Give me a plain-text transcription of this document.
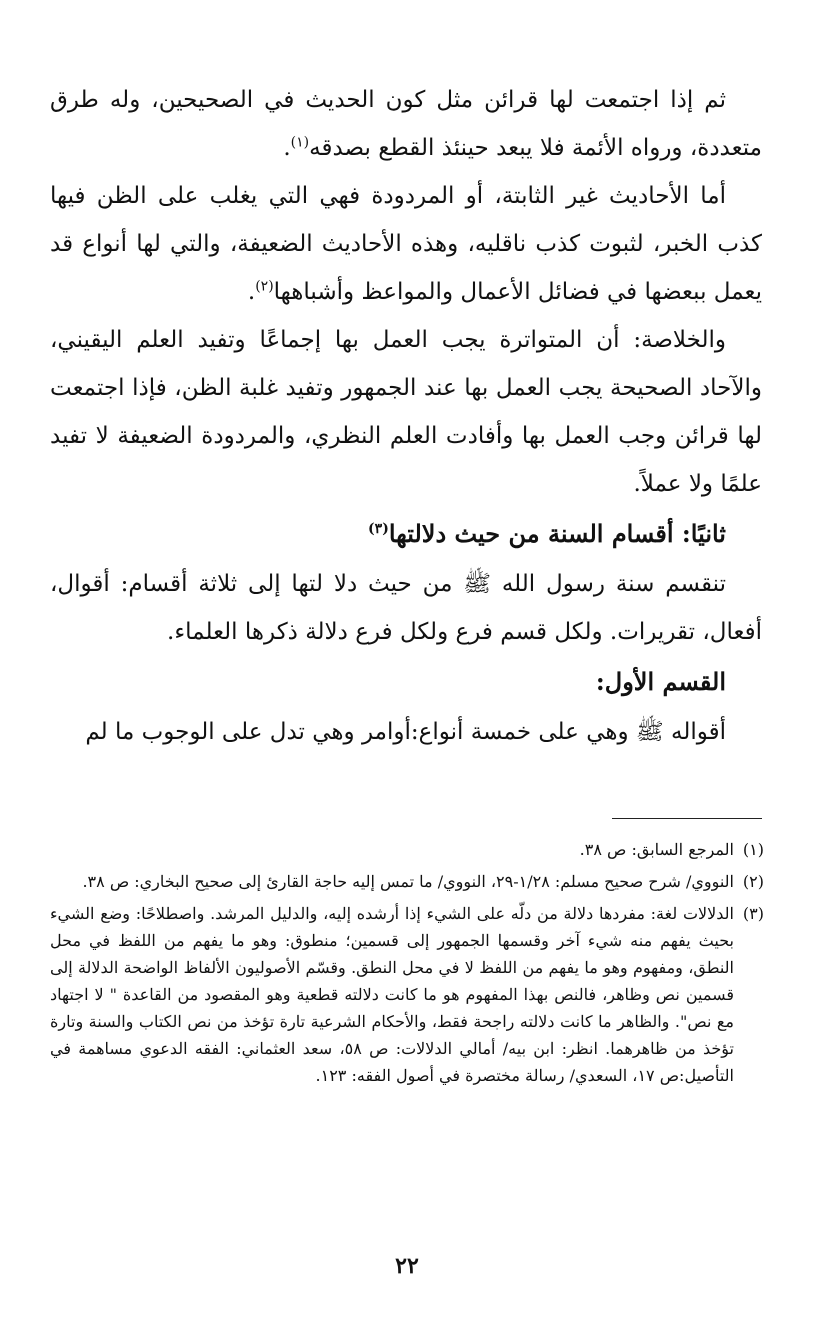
ثم إذا اجتمعت لها قرائن مثل كون الحديث في الصحيحين، وله طرق متعددة، ورواه الأئمة فلا يبعد حينئذ القطع بصدقه$^{(١)}$.

أما الأحاديث غير الثابتة، أو المردودة فهي التي يغلب على الظن فيها كذب الخبر، لثبوت كذب ناقليه، وهذه الأحاديث الضعيفة، والتي لها أنواع قد يعمل ببعضها في فضائل الأعمال والمواعظ وأشباهها$^{(٢)}$.

والخلاصة: أن المتواترة يجب العمل بها إجماعًا وتفيد العلم اليقيني، والآحاد الصحيحة يجب العمل بها عند الجمهور وتفيد غلبة الظن، فإذا اجتمعت لها قرائن وجب العمل بها وأفادت العلم النظري، والمردودة الضعيفة لا تفيد علمًا ولا عملاً.

ثانيًا: أقسام السنة من حيث دلالتها$^{(٣)}$

تنقسم سنة رسول الله ﷺ من حيث دلا لتها إلى ثلاثة أقسام: أقوال، أفعال، تقريرات. ولكل قسم فرع ولكل فرع دلالة ذكرها العلماء.

القسم الأول:

أقواله ﷺ وهي على خمسة أنواع:أوامر وهي تدل على الوجوب ما لم

(١)
المرجع السابق: ص ٣٨.
(٢)
النووي/ شرح صحيح مسلم: ١/٢٨-٢٩، النووي/ ما تمس إليه حاجة القارئ إلى صحيح البخاري: ص ٣٨.
(٣)
الدلالات لغة: مفردها دلالة من دلّه على الشيء إذا أرشده إليه، والدليل المرشد. واصطلاحًا: وضع الشيء بحيث يفهم منه شيء آخر وقسمها الجمهور إلى قسمين؛ منطوق: وهو ما يفهم من اللفظ في محل النطق، ومفهوم وهو ما يفهم من اللفظ لا في محل النطق. وقسّم الأصوليون الألفاظ الواضحة الدلالة إلى قسمين نص وظاهر، فالنص بهذا المفهوم هو ما كانت دلالته قطعية وهو المقصود من القاعدة " لا اجتهاد مع نص". والظاهر ما كانت دلالته راجحة فقط، والأحكام الشرعية تارة تؤخذ من نص الكتاب والسنة وتارة تؤخذ من ظاهرهما. انظر: ابن بيه/ أمالي الدلالات: ص ٥٨، سعد العثماني: الفقه الدعوي مساهمة في التأصيل:ص ١٧، السعدي/ رسالة مختصرة في أصول الفقه: ١٢٣.
٢٢
